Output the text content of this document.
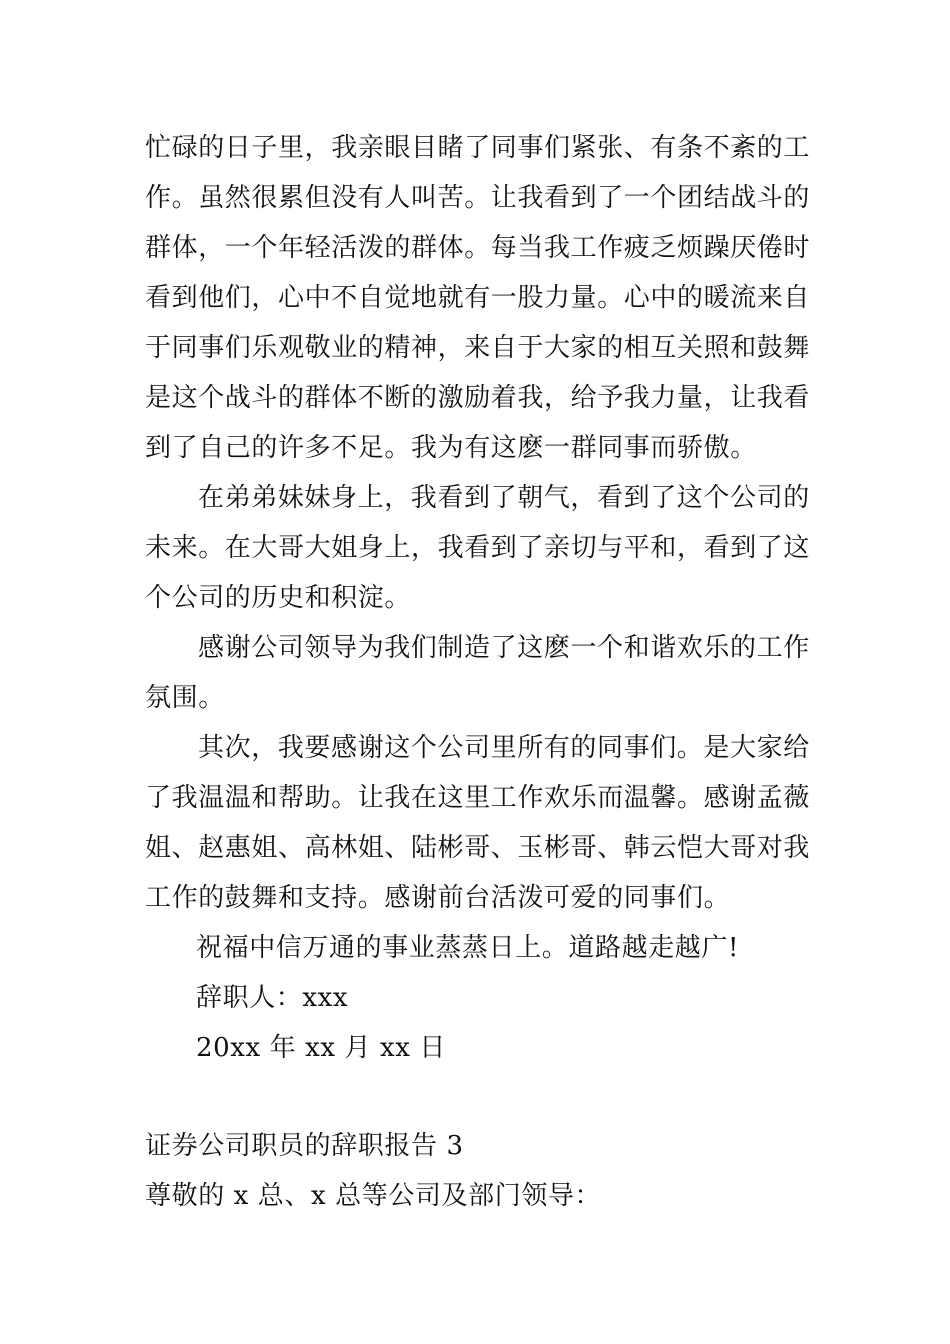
忙碌的日子里，我亲眼目睹了同事们紧张、有条不紊的工
作。虽然很累但没有人叫苦。让我看到了一个团结战斗的
群体，一个年轻活泼的群体。每当我工作疲乏烦躁厌倦时
看到他们，心中不自觉地就有一股力量。心中的暖流来自
于同事们乐观敬业的精神，来自于大家的相互关照和鼓舞
是这个战斗的群体不断的激励着我，给予我力量，让我看
到了自己的许多不足。我为有这麽一群同事而骄傲。
在弟弟妹妹身上，我看到了朝气，看到了这个公司的
未来。在大哥大姐身上，我看到了亲切与平和，看到了这
个公司的历史和积淀。
感谢公司领导为我们制造了这麽一个和谐欢乐的工作
氛围。
其次，我要感谢这个公司里所有的同事们。是大家给
了我温温和帮助。让我在这里工作欢乐而温馨。感谢孟薇
姐、赵惠姐、高林姐、陆彬哥、玉彬哥、韩云恺大哥对我
工作的鼓舞和支持。感谢前台活泼可爱的同事们。
祝福中信万通的事业蒸蒸日上。道路越走越广!
辞职人：xxx
20xx 年 xx 月 xx 日
证券公司职员的辞职报告 3
尊敬的 x 总、x 总等公司及部门领导：
